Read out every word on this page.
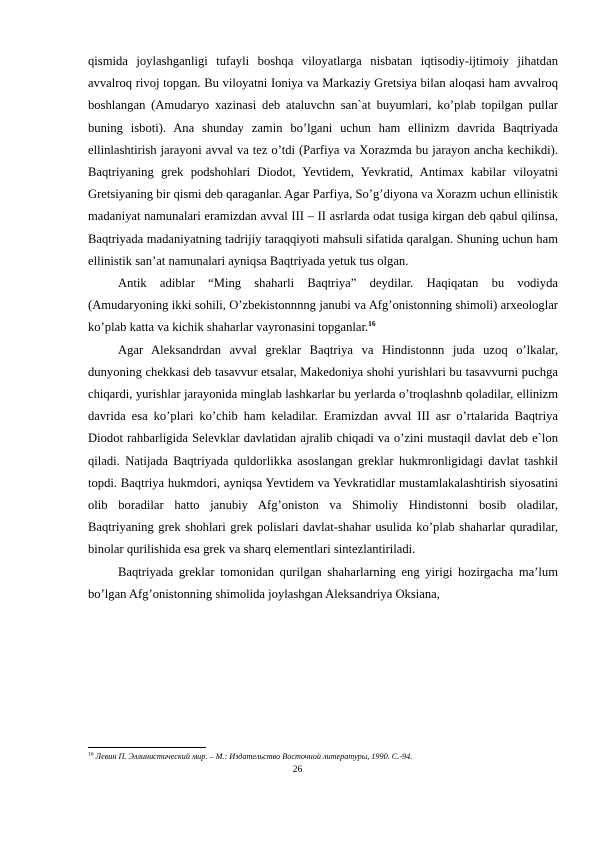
qismida joylashganligi tufayli boshqa viloyatlarga nisbatan iqtisodiy-ijtimoiy jihatdan avvalroq rivoj topgan. Bu viloyatni Ioniya va Markaziy Gretsiya bilan aloqasi ham avvalroq boshlangan (Amudaryo xazinasi deb ataluvchn san`at buyumlari, ko’plab topilgan pullar buning isboti). Ana shunday zamin bo’lgani uchun ham ellinizm davrida Baqtriyada ellinlashtirish jarayoni avval va tez o’tdi (Parfiya va Xorazmda bu jarayon ancha kechikdi). Baqtriyaning grek podshohlari Diodot, Yevtidem, Yevkratid, Antimax kabilar viloyatni Gretsiyaning bir qismi deb qaraganlar. Agar Parfiya, So’g’diyona va Xorazm uchun ellinistik madaniyat namunalari eramizdan avval III – II asrlarda odat tusiga kirgan deb qabul qilinsa, Baqtriyada madaniyatning tadrijiy taraqqiyoti mahsuli sifatida qaralgan. Shuning uchun ham ellinistik san’at namunalari ayniqsa Baqtriyada yetuk tus olgan.

Antik adiblar “Ming shaharli Baqtriya” deydilar. Haqiqatan bu vodiyda (Amudaryoning ikki sohili, O’zbekistonnnng janubi va Afg’onistonning shimoli) arxeologlar ko’plab katta va kichik shaharlar vayronasini topganlar.$^{16}$

Agar Aleksandrdan avval greklar Baqtriya va Hindistonnn juda uzoq o’lkalar, dunyoning chekkasi deb tasavvur etsalar, Makedoniya shohi yurishlari bu tasavvurni puchga chiqardi, yurishlar jarayonida minglab lashkarlar bu yerlarda o’troqlashnb qoladilar, ellinizm davrida esa ko’plari ko’chib ham keladilar. Eramizdan avval III asr o’rtalarida Baqtriya Diodot rahbarligida Selevklar davlatidan ajralib chiqadi va o’zini mustaqil davlat deb e`lon qiladi. Natijada Baqtriyada quldorlikka asoslangan greklar hukmronligidagi davlat tashkil topdi. Baqtriya hukmdori, ayniqsa Yevtidem va Yevkratidlar mustamlakalashtirish siyosatini olib boradilar hatto janubiy Afg’oniston va Shimoliy Hindistonni bosib oladilar, Baqtriyaning grek shohlari grek polislari davlat-shahar usulida ko’plab shaharlar quradilar, binolar qurilishida esa grek va sharq elementlari sintezlantiriladi.

Baqtriyada greklar tomonidan qurilgan shaharlarning eng yirigi hozirgacha ma’lum bo’lgan Afg’onistonning shimolida joylashgan Aleksandriya Oksiana,

$^{16}$ Левин П. Эллинистический мир. – М.: Издательство Восточной литературы, 1990. С.-94.
26
